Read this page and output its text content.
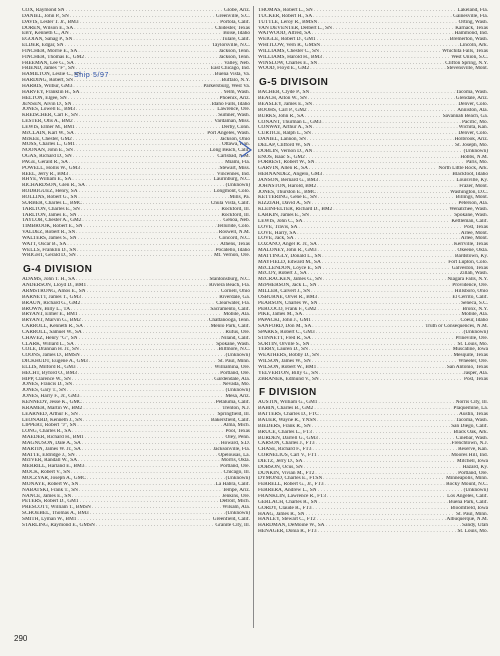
COX, Raymond SN . . .	Globe, Ariz.
DANIEL, John P., SN . . .	Greenville, S.C.
DAVIS, Lester T. Jr., BM3 . . .	Portola, Calif.
DOREN, Wilson E., SA . . .	Chidester, Texas
EBY, Kenneth C., AN . . .	Boise, Idaho
EGOIAN, Sahag P., SN . . .	Tulare, Calif.
ELDER, Edgar, SN . . .	Taylorsville, N.C.
FINCHER, Morrie E., SA . . .	Jackson, Tenn.
FINCHER, Thomas E., GM2 . . .	Jackson, Tenn.
FREEMAN, Lee G., SA . . .	Valley, Neb.
FRIEND, James "F", SN . . .	East Chicago, Ind.
HAMILTON, Leslie C., SN . . .	Buena Vista, Va.
HARDING, Robert, SN . . .	Buffalo, N.Y.
HARRIS, Wilbur, GM3 . . .	Parkersburg, West Va.
HARVEY, Franklin H., SA . . .	Yelm, Wash.
HELTON, Elgee, SN . . .	Phoenix, Ariz.
JENSEN, Alvin D., SN . . .	Idaho Falls, Idaho
JONES, Lowell E., BM3 . . .	Lawrence, Ore.
KREISCHER, Carl F., SN . . .	Sumner, Wash.
LESTER, Otis A., BM2 . . .	Vardaman, Miss.
LEWIS, Elmer M., BM1 . . .	Derby, Conn.
McCLAIN, Karl W., SA . . .	Port Angeles, Wash.
McKEE, Chester, GM2 . . .	Jackson, Ohio
MOSS, Charles L., GM1 . . .	Ottawa, Kan.
NOONAN, John E., SN . . .	Long Beach, Calif.
OGAS, Richard D., SN . . .	Carlsbad, N.M.
PAGE, Gerald R., SA . . .	Miami, Fla.
POWELL, Hollis W., GM3 . . .	Stewart, Miss.
REEL, Jerry R., BM3 . . .	Vincennes, Ind.
RHYE, William E., SA . . .	Laurinburg, N.C.
RICHARDSON, Glen R., SA . . .	(Unknown)
RODRIGUEZ, Henry, SA . . .	Longmont, Colo.
ROLLINS, Robert G., SN . . .	Mills, Pa.
SURBER, Charles L., BMC . . .	Chula Vista, Calif.
TARLTON, Charles E., SN . . .	Rockford, Ill.
TARLTON, James E., SN . . .	Rockford, Ill.
TAYLOR, Chester A., GM2 . . .	Genoa, Neb.
TIMBROOK, Robert E., SN . . .	Telluride, Colo.
VALDEZ, Robert R., SN . . .	Roswell, N.M.
WALTERS, James S., SN . . .	Concord, N.C.
WATT, Oscar B., SA . . .	Athens, Texas
WELLS, Franklin D., SN . . .	Pocatello, Idaho
WRIGHT, Gerald D., SN . . .	Mt. Vernon, Ore.
G-4 DIVISION
ADAMS, John T. H., SA . . .	Stantonsburg, N.C.
ANDERSON, Lloyd D., BM1 . . .	Riviera Beach, Fla.
ARMSTRONG, Amos E., SN . . .	Cornell, Ohio
BARNETT, James T., GM3 . . .	Riverdale, Ga.
BRAUN, Richard G., GM2 . . .	Clearwater, Fla.
BROWN, Billy L., TA . . .	Sacramento, Calif.
BRYANT, Elmer E., BM1 . . .	Mobile, Ala.
BRYANT, Marvin G., BM2 . . .	Chattanooga, Tenn.
CARROLL, Kenneth R., SA . . .	Menlo Park, Calif.
CARROLL, Samuel W., SA . . .	Rufus, Ore.
CHAVEZ, Henry "G", SN . . .	Niland, Calif.
CLARK, Willard L., SA . . .	Spokane, Wash.
COLE, Drannan H. Jr., SN . . .	Biltmore, N.C.
COONS, James D., BMSN . . .	(Unknown)
DICKHUDT, Eugene A., GM3 . . .	St. Paul, Minn.
ELLIS, Milford R., GM3 . . .	Williamina, Ore.
HECHT, Byford O., BM3 . . .	Portland, Ore.
HIPP, Clarence W., SN . . .	Gardendale, Ala.
JONES, Francis D., SN . . .	Nevada, Mo.
JONES, Gary T., SN . . .	(Unknown)
JONES, Harry F., Jr., GM3 . . .	Mesa, Ariz.
KENNEDY, Jesse K., GMC . . .	Petaluma, Calif.
KRAMER, Martin W., BM2 . . .	Trenton, N.J.
LEARNED, Arthur F., SN . . .	Springfield, Ill.
LEONARD, Kenneth J., SN . . .	Bakersfield, Calif.
LIPPERT, Robert "J", SN . . .	Alma, Mich.
LONG, Charles R., SA . . .	Pool, Texas
MAEDER, Richard H., BM1 . . .	Oley, Penn.
MAGNUSON, Dale A., SA . . .	Howard, S.D.
MARTIN, James W. Jr., SA . . .	Jacksonville, Fla.
MATTE, Eldridge J., SN . . .	Opelousas, La.
McIVER, Randall W., SA . . .	Morris, Okla.
MERRILL, Harland E., BM3 . . .	Portland, Ore.
MOCK, Robert V., SN . . .	Chicago, Ill.
MOCZYAR, Joseph A., GMC . . .	(Unknown)
MONAYE, Robert W., SN . . .	La Habra, Calif.
NABATSKI, Frank T., SN . . .	Tempe, Ariz.
NANCE, James E., SN . . .	Jenkins, Ore.
PETERS, Robert D., GM1 . . .	Detroit, Mich.
PRESCOTT, William T., BMSN . . .	Wilsam, Ala.
SCHOEBEL, Thomas A., BM3 . . .	(Unknown)
SMITH, Lyman W., BM1 . . .	Greenfield, Calif.
STARLING, Raymond E., GMSN . . .	Granite City, Ill.
THOMAS, Robert L., SN . . .	Lakeland, Fla.
TUCKER, Robert H., SA . . .	Gainesville, Fla.
TUTTLE, Leroy R., BMSN . . .	Orting, Wash.
VAN DEVENTER, Delbert L., SN . . .	Karnack, Texas
WATWOOD, Alfred, SA . . .	Hammond, Ind.
WEIGLE, Robert D., GM1 . . .	Bremerton, Wash.
WHITLOW, Vern R., GMSN . . .	Lincoln, Ark.
WILLIAMS, Chester C., SN . . .	Whichita Falls, Texas
WILLIAMS, Harold H., BM3 . . .	West Union, S.C.
WINSLOW, Charles E., SN . . .	Clifton Spring, N.Y.
WOOD, Floyd E., GM2 . . .	Stevensville, Mont.
G-5 DIVISOIN
BACHER, Clyde P., SN . . .	Tacoma, Wash.
BEACH, Alton W., SN . . .	Glendale, Ariz.
BEASLEY, James E., SN . . .	Denver, Colo.
BOOHS, Carl P., GM2 . . .	Anniston, Ala.
BURKS, John R., SA . . .	Savannah Beach, Ga.
CONANT, Thurman L., GM3 . . .	Pacific, Mo.
CONWAY, Arthur A., SN . . .	Wichita, Kan.
CURTICE, Ralph L., SN . . .	Denver, Colo.
DANIEL, Lannon, SN . . .	Holbrook, Ariz.
DELAP, Clifford W., SN . . .	St. Joseph, Mo.
DOBLIN, Vernon D., AN . . .	(Unknown)
ENOS, Isaac S., GM2 . . .	Hobbs, N.M.
FORREST, Robert W., SN . . .	Paris, Mo.
GARVIN, Allen R., SA . . .	North Little Rock, Ark.
HERNANDEZ, Angelo, GM3 . . .	Blackfoot, Idaho
JANSON, Bernard G., BM3 . . .	Louisville, Ky.
JOHNSTON, Harold, BM2 . . .	Frazer, Mont.
JONES, Thurston E., BMC . . .	Washington, D.C.
KETTERING, Gene E., SN . . .	Billings, Mont.
KIZZIAH, David A., SN . . .	Peterson, Ala.
KLEINFELTER, Richard D., BM2 . . .	Wenatchee, Wash.
LARKIN, James E., SN . . .	Spokane, Wash.
LEWIS, John C., SA . . .	Kettleman, Calif.
LOVE, Travis, SA . . .	Post, Texas
LOVE, Harry, SA . . .	Arlee, Mont.
LOVE, Jack, SA . . .	Arlee, Mont.
LOZANO, Angel R. Jr., SA . . .	Kerrville, Texas
MALONEY, John R., GM3 . . .	Okeene, Okla.
MATTINGLY, Donald L., SN . . .	Bardstown, Ky.
MAYFIELD, Edward M., SA . . .	Fort Lupton, Colo.
McCLENDON, Loyce E., SN . . .	Galveston, Texas
McCOY, Robert J., SA . . .	Zillah, Wash.
McCRACKEN, James G., SN . . .	Niagara Falls, N.Y.
McPHERSON, Jack L., SN . . .	Providence, Ore.
MILLER, Calvert J., SN . . .	Hillsboro, Ohio
OSBURNE, Orvel R., BM3 . . .	El Cerrito, Calif.
PEARSON, Charles W., SN . . .	Seneca, S.C.
PERCOCO, Frank F., GM2 . . .	Bronx, N.Y.
PIKE, James M., SA . . .	Mobile, Ala.
PAPACKI, John J., GM1 . . .	Coeur, Idaho
SANFORD, Don M., SA . . .	Truth or Consequences, N.M.
SPARKS, Robert C., GM3 . . .	(Unknown)
STINNETT, Fred R., SA . . .	Prineville, Ore.
SURTIN, Orville S., SN . . .	St. Louis, Mo.
TERRY, Lauren D., SN . . .	Muscatine, Iowa
WEATHERS, Bobby D., SN . . .	Mesquite, Texas
WILSON, James W., SN . . .	Wheeler, Ore.
WILSON, Robert W., BM1 . . .	San Antonio, Texas
YELVERTON, Billy G., SN . . .	Jasper, Ala.
ZBRANEK, Edmund V., SN . . .	Post, Texas
F DIVISION
AUSTIN, William G., GM1 . . .	Norris City, Ill.
BABIN, Charles B., GM2 . . .	Plaquemine, La.
BATTERS, Charles D., FTC . . .	Austin, Texas
BAUER, Wayne R., YNSN . . .	Tacoma, Wash.
BIEDERS, Frank R., SN . . .	San Diego, Calif.
BRUCE, Charles L., FT3 . . .	Black Oak, Ark.
BURDEN, Darrell G., GM3 . . .	Cinebar, Wash.
CARSON, Charles J., FT3 . . .	Frenchtown, N.J.
CHASE, Richard F., FT3 . . .	Reserve, Kan.
CORNELIUS, Carl V., FT1 . . .	Moores Hill, Ind.
DIETZ, Jerry D., SA . . .	Mitchell, Iowa
DOBSON, Ocus, SN . . .	Hazard, Ky.
DUNKIN, Vivian M., FT2 . . .	Portland, Ore.
DYMOND, Charles E., FTSN . . .	Minneapolis, Minn.
FERRELL, Robert G., Jr., FT3 . . .	Rocky Mount, N.C.
FERRERA, Andrew L., SN . . .	(Unknown)
FRANKLIN, Lawrence R., FT3 . . .	Los Angeles, Calif.
GERLACH, Charles R., SN . . .	Buena Park, Calif.
GORDY, Claude R., FT3 . . .	Bloomfield, Iowa
HAAG, James R., SN . . .	St. Paul, Minn.
HANLEY, Stewart C., FT2 . . .	Albuquerque, N.M.
HARDMAN, DeMoine W., SA . . .	Sandy, Utah
HENAGER, Donia R., FT3 . . .	St. Louis, Mo.
Ship 5/97
290
